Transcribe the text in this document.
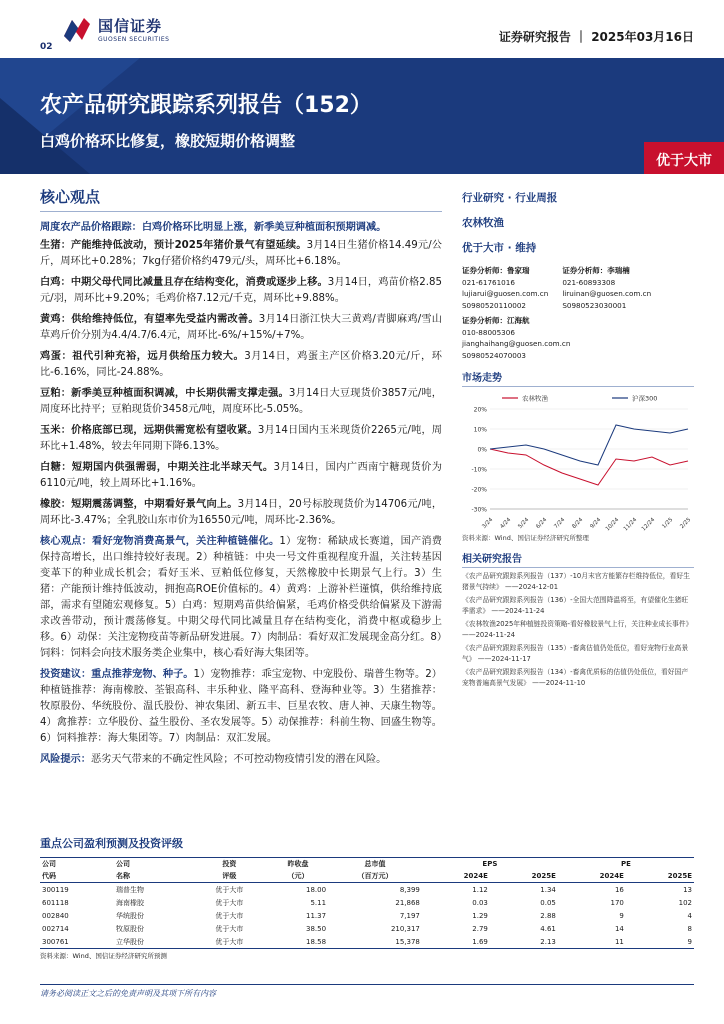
国信证券
GUOSEN SECURITIES
02
证券研究报告 ｜ 2025年03月16日
农产品研究跟踪系列报告（152）
白鸡价格环比修复，橡胶短期价格调整
优于大市
核心观点
周度农产品价格跟踪：白鸡价格环比明显上涨，新季美豆种植面积预期调减。
生猪：产能维持低波动，预计2025年猪价景气有望延续。3月14日生猪价格14.49元/公斤，周环比+0.28%；7kg仔猪价格约479元/头，周环比+6.18%。
白鸡：中期父母代同比减量且存在结构变化，消费或逐步上移。3月14日，鸡苗价格2.85元/羽，周环比+9.20%；毛鸡价格7.12元/千克，周环比+9.88%。
黄鸡：供给维持低位，有望率先受益内需改善。3月14日浙江快大三黄鸡/青脚麻鸡/雪山草鸡斤价分别为4.4/4.7/6.4元，周环比-6%/+15%/+7%。
鸡蛋：祖代引种充裕，远月供给压力较大。3月14日，鸡蛋主产区价格3.20元/斤，环比-6.16%，同比-24.88%。
豆粕：新季美豆种植面积调减，中长期供需支撑走强。3月14日大豆现货价3857元/吨，周度环比持平；豆粕现货价3458元/吨，周度环比-5.05%。
玉米：价格底部已现，远期供需宽松有望收紧。3月14日国内玉米现货价2265元/吨，周环比+1.48%，较去年同期下降6.13%。
白糖：短期国内供强需弱，中期关注北半球天气。3月14日，国内广西南宁糖现货价为6110元/吨，较上周环比+1.16%。
橡胶：短期震荡调整，中期看好景气向上。3月14日，20号标胶现货价为14706元/吨，周环比-3.47%；全乳胶山东市价为16550元/吨，周环比-2.36%。
核心观点：看好宠物消费高景气，关注种植链催化。1）宠物：稀缺成长赛道，国产消费保持高增长，出口维持较好表现。2）种植链：中央一号文件重视程度升温，关注转基因变革下的种业成长机会；看好玉米、豆粕低位修复，天然橡胶中长期景气上行。3）生猪：产能预计维持低波动，拥抱高ROE价值标的。4）黄鸡：上游补栏谨慎，供给维持底部，需求有望随宏观修复。5）白鸡：短期鸡苗供给偏紧，毛鸡价格受供给偏紧及下游需求改善带动，预计震荡修复。中期父母代同比减量且存在结构变化，消费中枢或稳步上移。6）动保：关注宠物疫苗等新品研发进展。7）肉制品：看好双汇发展现金高分红。8）饲料：饲料会向技术服务类企业集中，核心看好海大集团等。
投资建议：重点推荐宠物、种子。1）宠物推荐：乖宝宠物、中宠股份、瑞普生物等。2）种植链推荐：海南橡胶、荃银高科、丰乐种业、隆平高科、登海种业等。3）生猪推荐：牧原股份、华统股份、温氏股份、神农集团、新五丰、巨星农牧、唐人神、天康生物等。4）禽推荐：立华股份、益生股份、圣农发展等。5）动保推荐：科前生物、回盛生物等。6）饲料推荐：海大集团等。7）肉制品：双汇发展。
风险提示：恶劣天气带来的不确定性风险；不可控动物疫情引发的潜在风险。
行业研究 · 行业周报
农林牧渔
优于大市 · 维持
证券分析师：鲁家瑞
021-61761016
lujiarui@guosen.com.cn
S0980520110002
证券分析师：李瑞楠
021-60893308
liruinan@guosen.com.cn
S0980523030001
证券分析师：江海航
010-88005306
jianghaihang@guosen.com.cn
S0980524070003
市场走势
20%
10%
0%
-10%
-20%
-30%
3/24 4/24 5/24 6/24 7/24 8/24 9/24 10/24 11/24 12/24 1/25 2/25
农林牧渔	沪深300
资料来源：Wind、国信证券经济研究所整理
相关研究报告
《农产品研究跟踪系列报告（137）-10月末官方能繁存栏维持低位，看好生猪景气持续》 ——2024-12-01
《农产品研究跟踪系列报告（136）-全国大范围降温将至，有望催化生猪旺季需求》 ——2024-11-24
《农林牧渔2025年种植链投资策略-看好橡胶景气上行，关注种业成长事件》 ——2024-11-24
《农产品研究跟踪系列报告（135）-畜禽估值仍处低位，看好宠物行业高景气》 ——2024-11-17
《农产品研究跟踪系列报告（134）-畜禽优质标的估值仍处低位，看好国产宠物普遍高景气发展》 ——2024-11-10
重点公司盈利预测及投资评级
公司	公司	投资	昨收盘	总市值	EPS		PE	
代码	名称	评级	（元）	（百万元）	2024E	2025E	2024E	2025E
300119	瑞普生物	优于大市	18.00	8,399	1.12	1.34	16	13
601118	海南橡胶	优于大市	5.11	21,868	0.03	0.05	170	102
002840	华统股份	优于大市	11.37	7,197	1.29	2.88	9	4
002714	牧原股份	优于大市	38.50	210,317	2.79	4.61	14	8
300761	立华股份	优于大市	18.58	15,378	1.69	2.13	11	9
资料来源：Wind、国信证券经济研究所预测
请务必阅读正文之后的免责声明及其项下所有内容
